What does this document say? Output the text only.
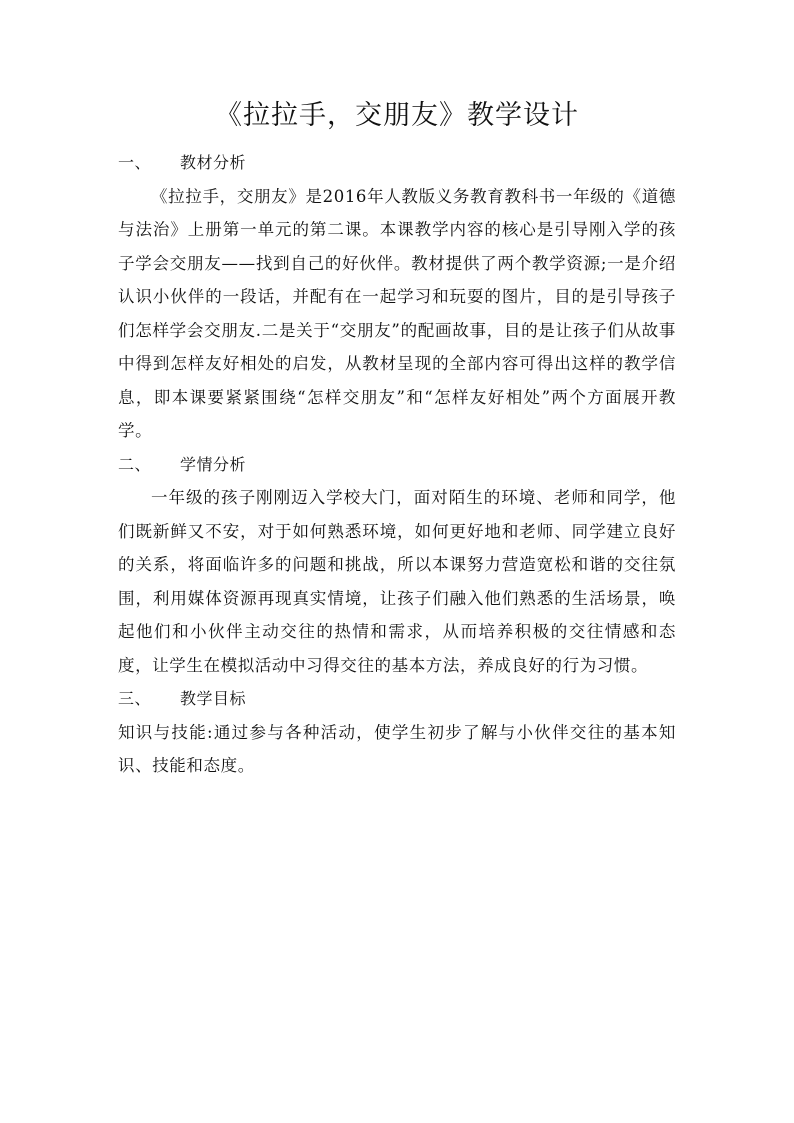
《拉拉手，交朋友》教学设计
一、 教材分析

《拉拉手，交朋友》是2016年人教版义务教育教科书一年级的《道德与法治》上册第一单元的第二课。本课教学内容的核心是引导刚入学的孩子学会交朋友——找到自己的好伙伴。教材提供了两个教学资源;一是介绍认识小伙伴的一段话，并配有在一起学习和玩耍的图片，目的是引导孩子们怎样学会交朋友.二是关于“交朋友”的配画故事，目的是让孩子们从故事中得到怎样友好相处的启发，从教材呈现的全部内容可得出这样的教学信息，即本课要紧紧围绕“怎样交朋友”和“怎样友好相处”两个方面展开教学。

二、 学情分析

一年级的孩子刚刚迈入学校大门，面对陌生的环境、老师和同学，他们既新鲜又不安，对于如何熟悉环境，如何更好地和老师、同学建立良好的关系，将面临许多的问题和挑战，所以本课努力营造宽松和谐的交往氛围，利用媒体资源再现真实情境，让孩子们融入他们熟悉的生活场景，唤起他们和小伙伴主动交往的热情和需求，从而培养积极的交往情感和态度，让学生在模拟活动中习得交往的基本方法，养成良好的行为习惯。

三、 教学目标

知识与技能:通过参与各种活动，使学生初步了解与小伙伴交往的基本知识、技能和态度。
